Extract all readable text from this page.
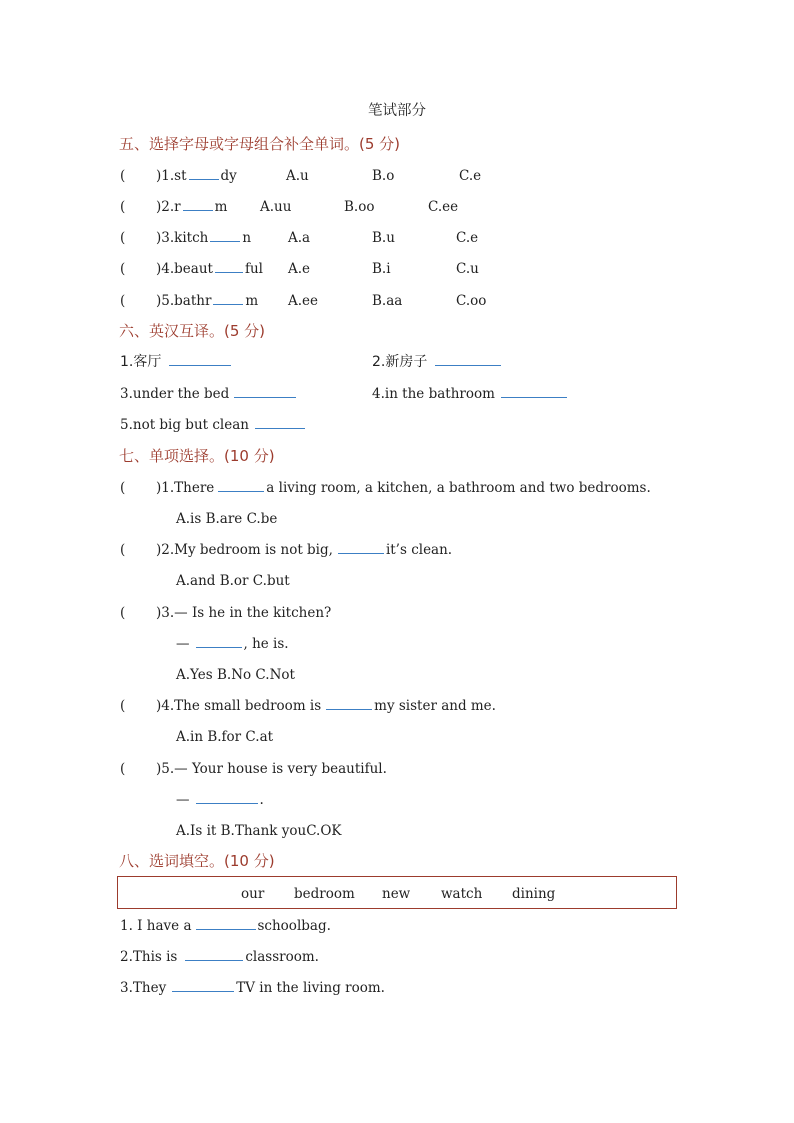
笔试部分
五、选择字母或字母组合补全单词。(5 分)
( )1.st	dy	A.u	B.o	C.e
( )2.r	m A.uu	B.oo	C.ee
( )3.kitch	n	A.a	B.u	C.e
( )4.beaut ful A.e	B.i	C.u
( )5.bathr	m A.ee	B.aa	C.oo
六、英汉互译。(5 分)
1.客厅	2.新房子
3.under the bed	4.in the bathroom
5.not big but clean
七、单项选择。(10 分)
( )1.There	a living room, a kitchen, a bathroom and two bedrooms.
A.is B.are C.be
( )2.My bedroom is not big,	it’s clean.
A.and B.or C.but
( )3.— Is he in the kitchen?
—	, he is.
A.Yes B.No C.Not
( )4.The small bedroom is	my sister and me.
A.in B.for C.at
( )5.— Your house is very beautiful.
—	.
A.Is it B.Thank youC.OK
八、选词填空。(10 分)
our bedroom new watch dining
1. I have a	schoolbag.
2.This is	classroom.
3.They	TV in the living room.
